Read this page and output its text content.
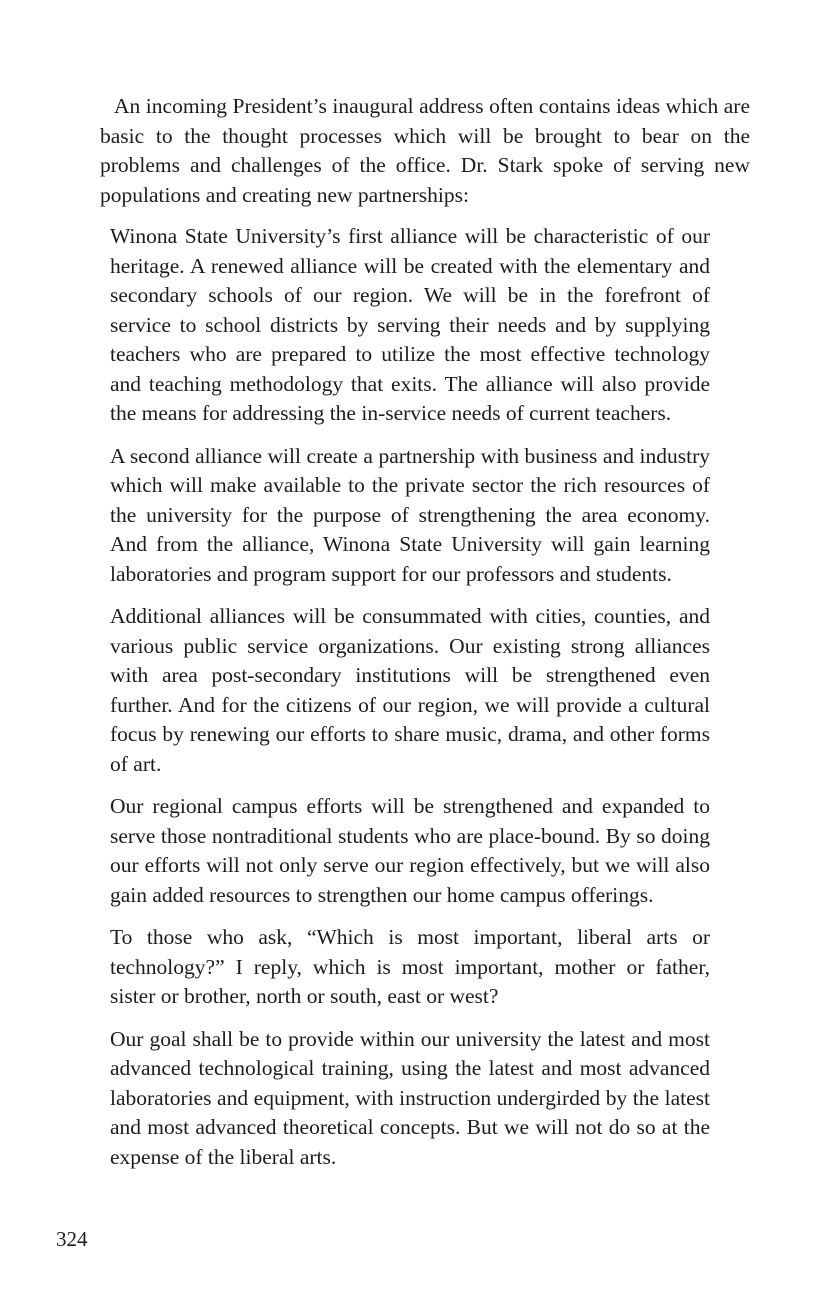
An incoming President’s inaugural address often contains ideas which are basic to the thought processes which will be brought to bear on the problems and challenges of the office. Dr. Stark spoke of serving new populations and creating new partnerships:

Winona State University’s first alliance will be characteristic of our heritage. A renewed alliance will be created with the elementary and secondary schools of our region. We will be in the forefront of service to school districts by serving their needs and by supplying teachers who are prepared to utilize the most effective technology and teaching methodology that exits. The alliance will also provide the means for addressing the in-service needs of current teachers.

A second alliance will create a partnership with business and industry which will make available to the private sector the rich resources of the university for the purpose of strengthening the area economy. And from the alliance, Winona State University will gain learning laboratories and program support for our professors and students.

Additional alliances will be consummated with cities, counties, and various public service organizations. Our existing strong alliances with area post-secondary institutions will be strengthened even further. And for the citizens of our region, we will provide a cultural focus by renewing our efforts to share music, drama, and other forms of art.

Our regional campus efforts will be strengthened and expanded to serve those nontraditional students who are place-bound. By so doing our efforts will not only serve our region effectively, but we will also gain added resources to strengthen our home campus offerings.

To those who ask, “Which is most important, liberal arts or technology?” I reply, which is most important, mother or father, sister or brother, north or south, east or west?

Our goal shall be to provide within our university the latest and most advanced technological training, using the latest and most advanced laboratories and equipment, with instruction undergirded by the latest and most advanced theoretical concepts. But we will not do so at the expense of the liberal arts.

324
